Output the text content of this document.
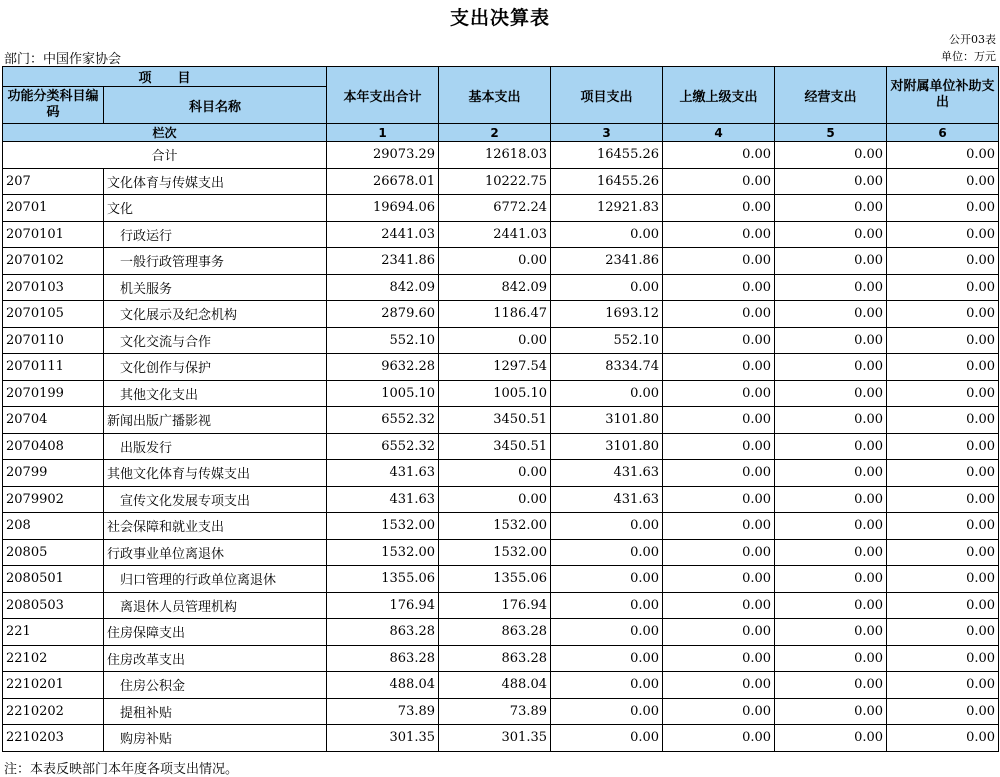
支出决算表
公开03表
部门：中国作家协会	单位：万元
项　　目		本年支出合计	基本支出	项目支出	上缴上级支出	经营支出	对附属单位补助支出
功能分类科目编码	科目名称						
栏次		1	2	3	4	5	6
合计		29073.29	12618.03	16455.26	0.00	0.00	0.00
207	文化体育与传媒支出	26678.01	10222.75	16455.26	0.00	0.00	0.00
20701	文化	19694.06	6772.24	12921.83	0.00	0.00	0.00
2070101	行政运行	2441.03	2441.03	0.00	0.00	0.00	0.00
2070102	一般行政管理事务	2341.86	0.00	2341.86	0.00	0.00	0.00
2070103	机关服务	842.09	842.09	0.00	0.00	0.00	0.00
2070105	文化展示及纪念机构	2879.60	1186.47	1693.12	0.00	0.00	0.00
2070110	文化交流与合作	552.10	0.00	552.10	0.00	0.00	0.00
2070111	文化创作与保护	9632.28	1297.54	8334.74	0.00	0.00	0.00
2070199	其他文化支出	1005.10	1005.10	0.00	0.00	0.00	0.00
20704	新闻出版广播影视	6552.32	3450.51	3101.80	0.00	0.00	0.00
2070408	出版发行	6552.32	3450.51	3101.80	0.00	0.00	0.00
20799	其他文化体育与传媒支出	431.63	0.00	431.63	0.00	0.00	0.00
2079902	宣传文化发展专项支出	431.63	0.00	431.63	0.00	0.00	0.00
208	社会保障和就业支出	1532.00	1532.00	0.00	0.00	0.00	0.00
20805	行政事业单位离退休	1532.00	1532.00	0.00	0.00	0.00	0.00
2080501	归口管理的行政单位离退休	1355.06	1355.06	0.00	0.00	0.00	0.00
2080503	离退休人员管理机构	176.94	176.94	0.00	0.00	0.00	0.00
221	住房保障支出	863.28	863.28	0.00	0.00	0.00	0.00
22102	住房改革支出	863.28	863.28	0.00	0.00	0.00	0.00
2210201	住房公积金	488.04	488.04	0.00	0.00	0.00	0.00
2210202	提租补贴	73.89	73.89	0.00	0.00	0.00	0.00
2210203	购房补贴	301.35	301.35	0.00	0.00	0.00	0.00
注：本表反映部门本年度各项支出情况。
